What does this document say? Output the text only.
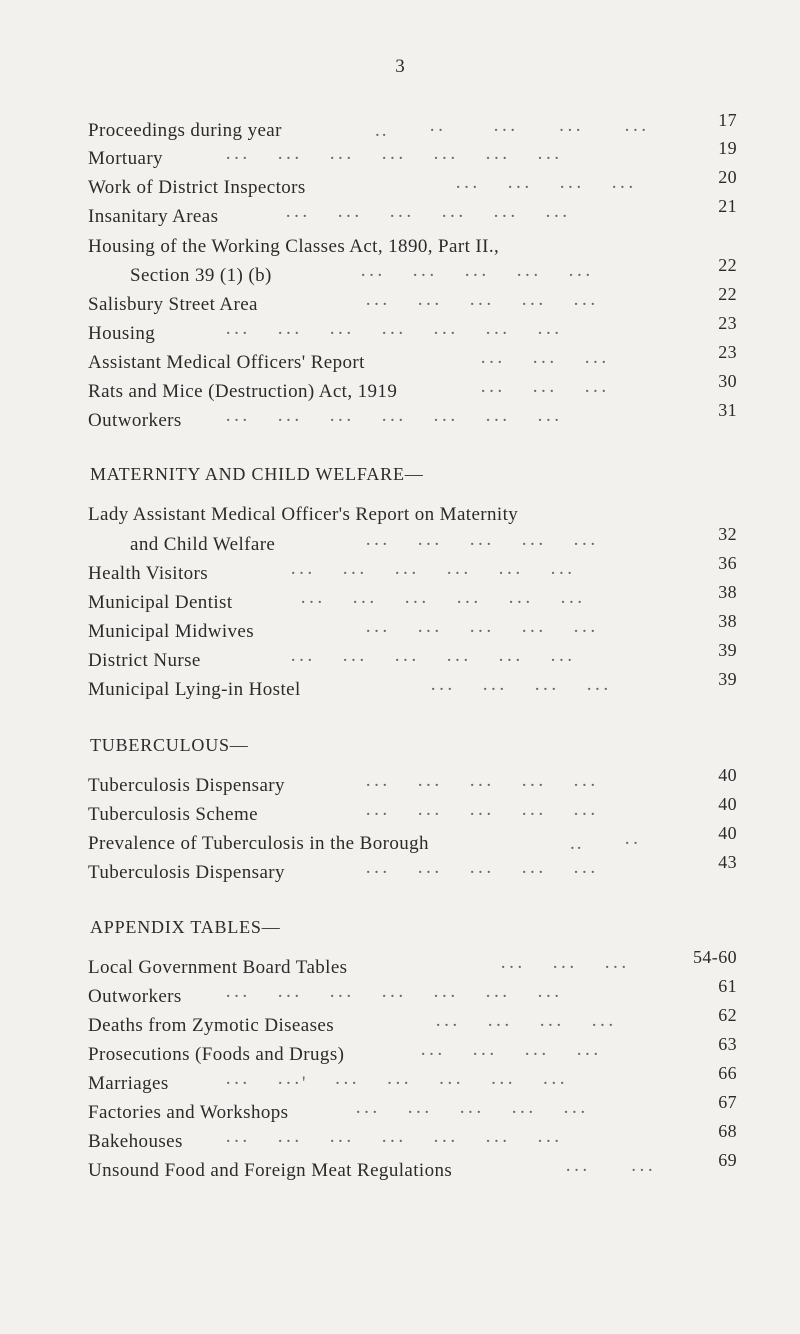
3
Proceedings during year	..      ··       ···      ···      ···	17
Mortuary	···    ···    ···    ···    ···    ···    ···	19
Work of District Inspectors	···    ···    ···    ···	20
Insanitary Areas	···    ···    ···    ···    ···    ···	21
Housing of the Working Classes Act, 1890, Part II.,
Section 39 (1) (b)	···    ···    ···    ···    ···	22
Salisbury Street Area	···    ···    ···    ···    ···	22
Housing	···    ···    ···    ···    ···    ···    ···	23
Assistant Medical Officers' Report	···    ···    ···	23
Rats and Mice (Destruction) Act, 1919	···    ···    ···	30
Outworkers ···    ···    ···    ···    ···    ···    ···	31
MATERNITY AND CHILD WELFARE—
Lady Assistant Medical Officer's Report on Maternity
and Child Welfare	···    ···    ···    ···    ···	32
Health Visitors	···    ···    ···    ···    ···    ···	36
Municipal Dentist	···    ···    ···    ···    ···    ···	38
Municipal Midwives	···    ···    ···    ···    ···	38
District Nurse	···    ···    ···    ···    ···    ···	39
Municipal Lying-in Hostel	···    ···    ···    ···	39
TUBERCULOUS—
Tuberculosis Dispensary	···    ···    ···    ···    ···	40
Tuberculosis Scheme	···    ···    ···    ···    ···	40
Prevalence of Tuberculosis in the Borough	..      ··	40
Tuberculosis Dispensary	···    ···    ···    ···    ···	43
APPENDIX TABLES—
Local Government Board Tables	···    ···    ···	54-60
Outworkers ···    ···    ···    ···    ···    ···    ···	61
Deaths from Zymotic Diseases	···    ···    ···    ···	62
Prosecutions (Foods and Drugs)	···    ···    ···    ···	63
Marriages	···    ···'    ···    ···    ···    ···    ···	66
Factories and Workshops	···    ···    ···    ···    ···	67
Bakehouses ···    ···    ···    ···    ···    ···    ···	68
Unsound Food and Foreign Meat Regulations	···      ···	69
